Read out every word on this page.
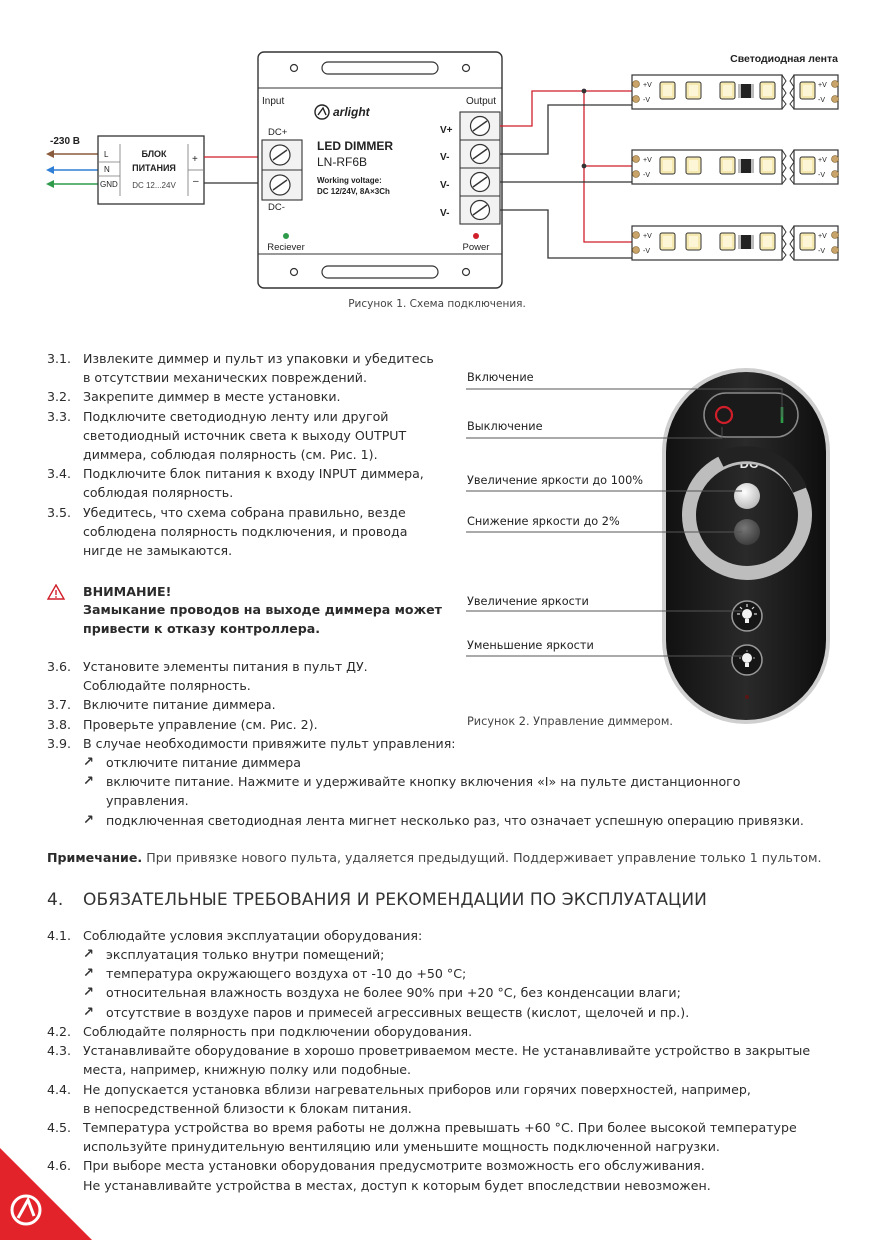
-230 В
L
N
GND
БЛОК
ПИТАНИЯ
DC 12...24V
+
–
Input	Output
DC+
DC-
arlight
LED DIMMER
LN-RF6B
Working voltage:
DC 12/24V, 8A×3Ch
Reciever	Power
V+
V-
V-
V-
Светодиодная лента
+V
-V
+V
-V
+V
-V
+V
-V
+V
-V
+V
-V
Рисунок 1. Схема подключения.
3.1. Извлеките диммер и пульт из упаковки и убедитесь
в отсутствии механических повреждений.
3.2. Закрепите диммер в месте установки.
3.3. Подключите светодиодную ленту или другой
светодиодный источник света к выходу OUTPUT
диммера, соблюдая полярность (см. Рис. 1).
3.4. Подключите блок питания к входу INPUT диммера,
соблюдая полярность.
3.5. Убедитесь, что схема собрана правильно, везде
соблюдена полярность подключения, и провода
нигде не замыкаются.
ВНИМАНИЕ!
Замыкание проводов на выходе диммера может
привести к отказу контроллера.
3.6. Установите элементы питания в пульт ДУ.
Соблюдайте полярность.
3.7. Включите питание диммера.
3.8. Проверьте управление (см. Рис. 2).
3.9. В случае необходимости привяжите пульт управления:
↗ отключите питание диммера
↗ включите питание. Нажмите и удерживайте кнопку включения «I» на пульте дистанционного
управления.
↗ подключенная светодиодная лента мигнет несколько раз, что означает успешную операцию привязки.
Примечание. При привязке нового пульта, удаляется предыдущий. Поддерживает управление только 1 пультом.
DC
Включение
Выключение
Увеличение яркости до 100%
Снижение яркости до 2%
Увеличение яркости
Уменьшение яркости
Рисунок 2. Управление диммером.
4. ОБЯЗАТЕЛЬНЫЕ ТРЕБОВАНИЯ И РЕКОМЕНДАЦИИ ПО ЭКСПЛУАТАЦИИ
4.1. Соблюдайте условия эксплуатации оборудования:
↗ эксплуатация только внутри помещений;
↗ температура окружающего воздуха от -10 до +50 °С;
↗ относительная влажность воздуха не более 90% при +20 °С, без конденсации влаги;
↗ отсутствие в воздухе паров и примесей агрессивных веществ (кислот, щелочей и пр.).
4.2. Соблюдайте полярность при подключении оборудования.
4.3. Устанавливайте оборудование в хорошо проветриваемом месте. Не устанавливайте устройство в закрытые
места, например, книжную полку или подобные.
4.4. Не допускается установка вблизи нагревательных приборов или горячих поверхностей, например,
в непосредственной близости к блокам питания.
4.5. Температура устройства во время работы не должна превышать +60 °С. При более высокой температуре
используйте принудительную вентиляцию или уменьшите мощность подключенной нагрузки.
4.6. При выборе места установки оборудования предусмотрите возможность его обслуживания.
Не устанавливайте устройства в местах, доступ к которым будет впоследствии невозможен.
